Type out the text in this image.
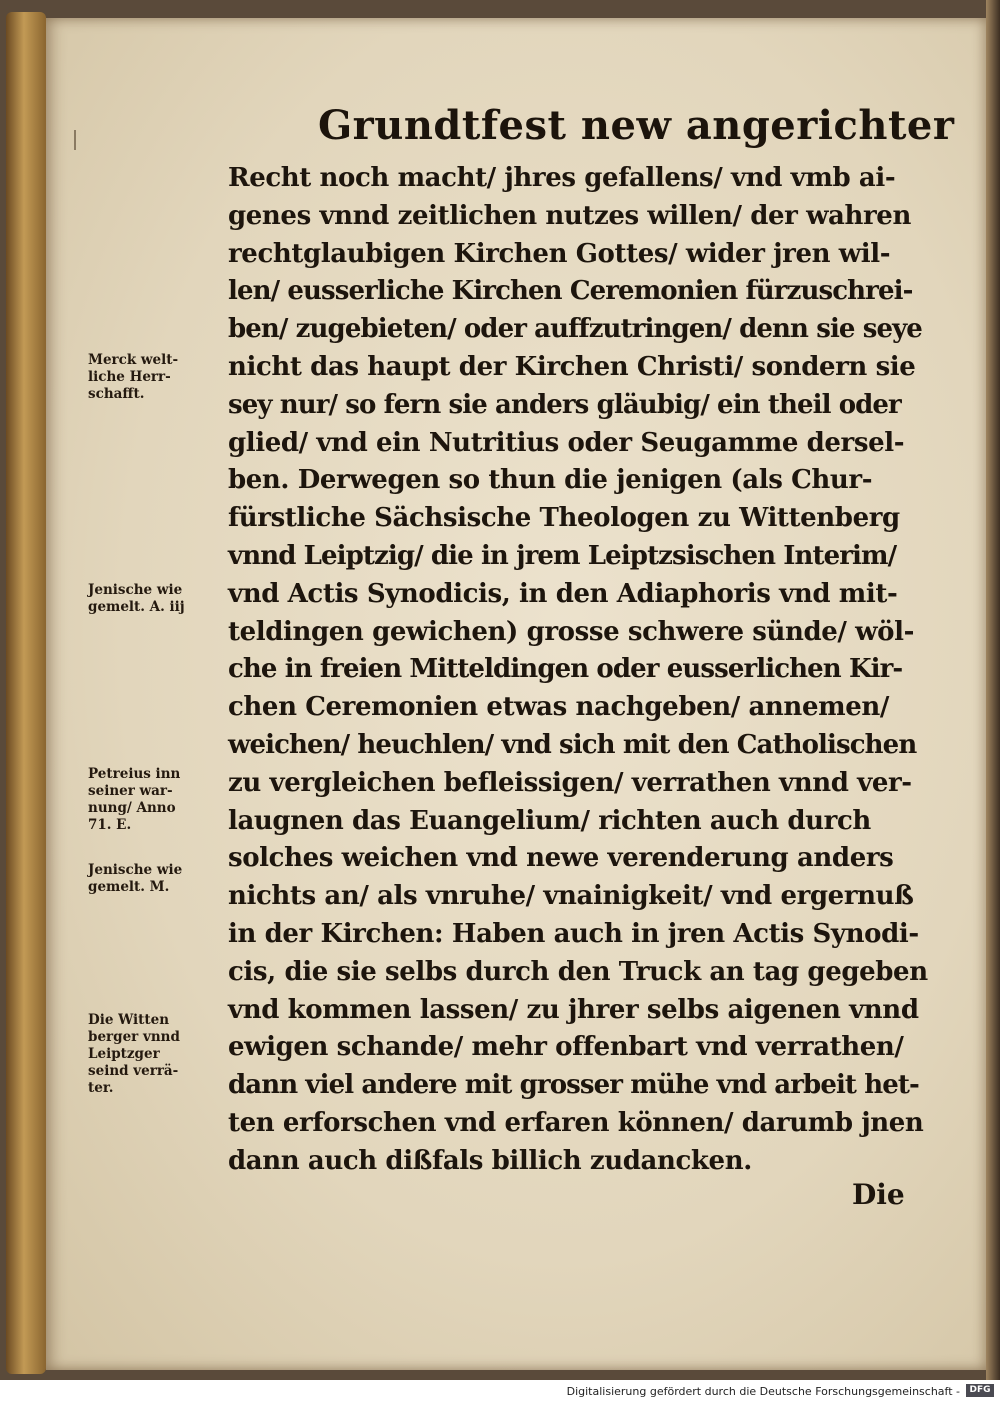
Grundtfest new angerichter
Recht noch macht/ jhres gefallens/ vnd vmb ai-
genes vnnd zeitlichen nutzes willen/ der wahren
rechtglaubigen Kirchen Gottes/ wider jren wil-
len/ eusserliche Kirchen Ceremonien fürzuschrei-
ben/ zugebieten/ oder auffzutringen/ denn sie seye
nicht das haupt der Kirchen Christi/ sondern sie
sey nur/ so fern sie anders gläubig/ ein theil oder
glied/ vnd ein Nutritius oder Seugamme dersel-
ben. Derwegen so thun die jenigen (als Chur-
fürstliche Sächsische Theologen zu Wittenberg
vnnd Leiptzig/ die in jrem Leiptzsischen Interim/
vnd Actis Synodicis, in den Adiaphoris vnd mit-
teldingen gewichen) grosse schwere sünde/ wöl-
che in freien Mitteldingen oder eusserlichen Kir-
chen Ceremonien etwas nachgeben/ annemen/
weichen/ heuchlen/ vnd sich mit den Catholischen
zu vergleichen befleissigen/ verrathen vnnd ver-
laugnen das Euangelium/ richten auch durch
solches weichen vnd newe verenderung anders
nichts an/ als vnruhe/ vnainigkeit/ vnd ergernuß
in der Kirchen: Haben auch in jren Actis Synodi-
cis, die sie selbs durch den Truck an tag gegeben
vnd kommen lassen/ zu jhrer selbs aigenen vnnd
ewigen schande/ mehr offenbart vnd verrathen/
dann viel andere mit grosser mühe vnd arbeit het-
ten erforschen vnd erfaren können/ darumb jnen
dann auch dißfals billich zudancken.
Die
Merck welt-
liche Herr-
schafft.
Jenische wie
gemelt. A. iij
Petreius inn
seiner war-
nung/ Anno
71. E.
Jenische wie
gemelt. M.
Die Witten
berger vnnd
Leiptzger
seind verrä-
ter.
Digitalisierung gefördert durch die Deutsche Forschungsgemeinschaft -	DFG
